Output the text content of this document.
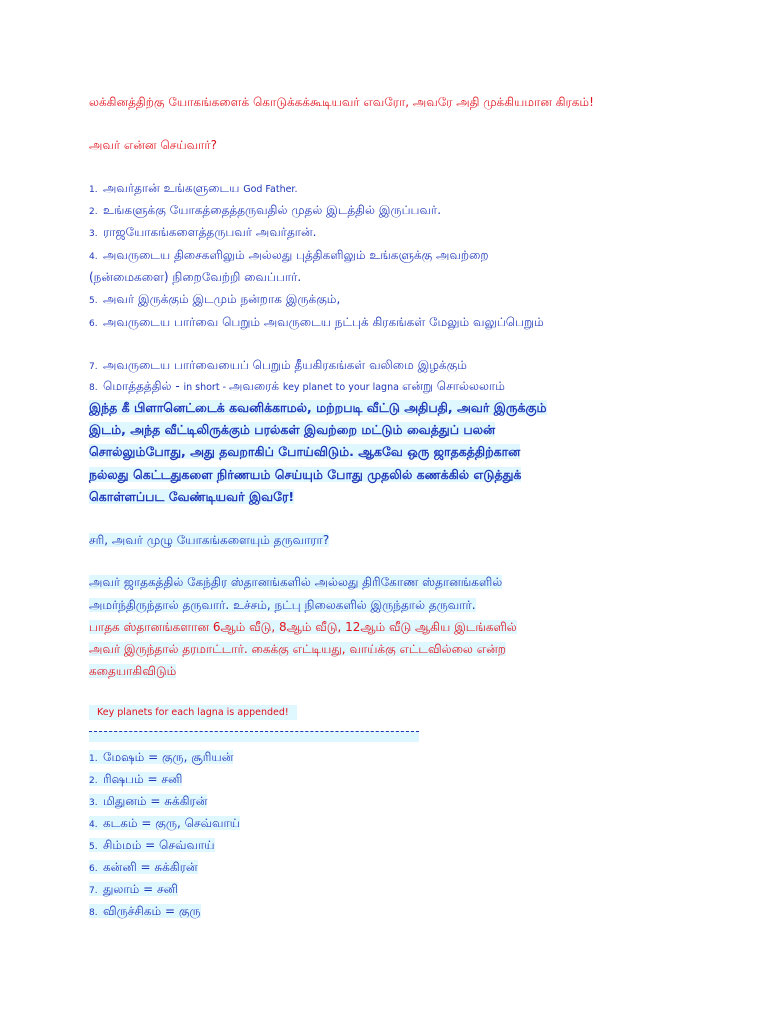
லக்கினத்திற்கு யோகங்களைக் கொடுக்கக்கூடியவர் எவரோ, அவரே அதி முக்கியமான கிரகம்!
அவர் என்ன செய்வார்?
1. அவர்தான் உங்களுடைய God Father.
2. உங்களுக்கு யோகத்தைத்தருவதில் முதல் இடத்தில் இருப்பவர்.
3. ராஜயோகங்களைத்தருபவர் அவர்தான்.
4. அவருடைய திசைகளிலும் அல்லது புத்திகளிலும் உங்களுக்கு அவற்றை
(நன்மைகளை) நிறைவேற்றி வைப்பார்.
5. அவர் இருக்கும் இடமும் நன்றாக இருக்கும்,
6. அவருடைய பார்வை பெறும் அவருடைய நட்புக் கிரகங்கள் மேலும் வலுப்பெறும்
7. அவருடைய பார்வையைப் பெறும் தீயகிரகங்கள் வலிமை இழக்கும்
8. மொத்தத்தில் - in short - அவரைக் key planet to your lagna என்று சொல்லலாம்
இந்த கீ பிளானெட்டைக் கவனிக்காமல், மற்றபடி வீட்டு அதிபதி, அவர் இருக்கும்
இடம், அந்த வீட்டிலிருக்கும் பரல்கள் இவற்றை மட்டும் வைத்துப் பலன்
சொல்லும்போது, அது தவறாகிப் போய்விடும். ஆகவே ஒரு ஜாதகத்திற்கான
நல்லது கெட்டதுகளை நிர்ணயம் செய்யும் போது முதலில் கணக்கில் எடுத்துக்
கொள்ளப்பட வேண்டியவர் இவரே!
சரி, அவர் முழு யோகங்களையும் தருவாரா?
அவர் ஜாதகத்தில் கேந்திர ஸ்தானங்களில் அல்லது திரிகோண ஸ்தானங்களில்
அமர்ந்திருந்தால் தருவார். உச்சம், நட்பு நிலைகளில் இருந்தால் தருவார்.
பாதக ஸ்தானங்களான 6ஆம் வீடு, 8ஆம் வீடு, 12ஆம் வீடு ஆகிய இடங்களில்
அவர் இருந்தால் தரமாட்டார். கைக்கு எட்டியது, வாய்க்கு எட்டவில்லை என்ற
கதையாகிவிடும்
Key planets for each lagna is appended!
1. மேஷம் = குரு, சூரியன்
2. ரிஷபம் = சனி
3. மிதுனம் = சுக்கிரன்
4. கடகம் = குரு, செவ்வாய்
5. சிம்மம் = செவ்வாய்
6. கன்னி = சுக்கிரன்
7. துலாம் = சனி
8. விருச்சிகம் = குரு
